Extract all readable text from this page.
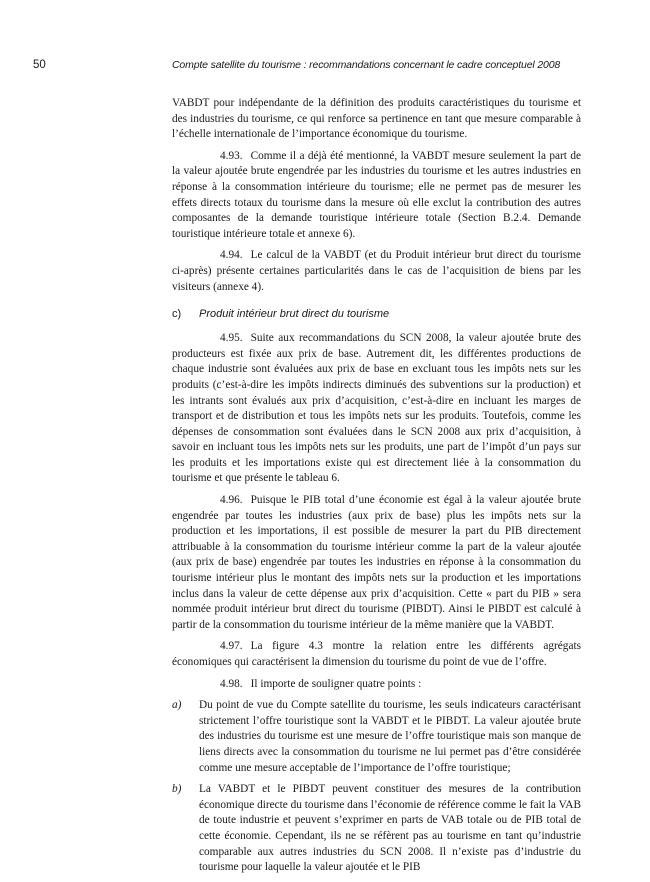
50	Compte satellite du tourisme : recommandations concernant le cadre conceptuel 2008

VABDT pour indépendante de la définition des produits caractéristiques du tourisme et des industries du tourisme, ce qui renforce sa pertinence en tant que mesure comparable à l’échelle internationale de l’importance économique du tourisme.

4.93. Comme il a déjà été mentionné, la VABDT mesure seulement la part de la valeur ajoutée brute engendrée par les industries du tourisme et les autres industries en réponse à la consommation intérieure du tourisme; elle ne permet pas de mesurer les effets directs totaux du tourisme dans la mesure où elle exclut la contribution des autres composantes de la demande touristique intérieure totale (Section B.2.4. Demande touristique intérieure totale et annexe 6).

4.94. Le calcul de la VABDT (et du Produit intérieur brut direct du tourisme ci-après) présente certaines particularités dans le cas de l’acquisition de biens par les visiteurs (annexe 4).

c) Produit intérieur brut direct du tourisme

4.95. Suite aux recommandations du SCN 2008, la valeur ajoutée brute des producteurs est fixée aux prix de base. Autrement dit, les différentes productions de chaque industrie sont évaluées aux prix de base en excluant tous les impôts nets sur les produits (c’est-à-dire les impôts indirects diminués des subventions sur la production) et les intrants sont évalués aux prix d’acquisition, c’est-à-dire en incluant les marges de transport et de distribution et tous les impôts nets sur les produits. Toutefois, comme les dépenses de consommation sont évaluées dans le SCN 2008 aux prix d’acquisition, à savoir en incluant tous les impôts nets sur les produits, une part de l’impôt d’un pays sur les produits et les importations existe qui est directement liée à la consommation du tourisme et que présente le tableau 6.

4.96. Puisque le PIB total d’une économie est égal à la valeur ajoutée brute engendrée par toutes les industries (aux prix de base) plus les impôts nets sur la production et les importations, il est possible de mesurer la part du PIB directement attribuable à la consommation du tourisme intérieur comme la part de la valeur ajoutée (aux prix de base) engendrée par toutes les industries en réponse à la consommation du tourisme intérieur plus le montant des impôts nets sur la production et les importations inclus dans la valeur de cette dépense aux prix d’acquisition. Cette « part du PIB » sera nommée produit intérieur brut direct du tourisme (PIBDT). Ainsi le PIBDT est calculé à partir de la consommation du tourisme intérieur de la même manière que la VABDT.

4.97. La figure 4.3 montre la relation entre les différents agrégats économiques qui caractérisent la dimension du tourisme du point de vue de l’offre.

4.98. Il importe de souligner quatre points :

a) Du point de vue du Compte satellite du tourisme, les seuls indicateurs caractérisant strictement l’offre touristique sont la VABDT et le PIBDT. La valeur ajoutée brute des industries du tourisme est une mesure de l’offre touristique mais son manque de liens directs avec la consommation du tourisme ne lui permet pas d’être considérée comme une mesure acceptable de l’importance de l’offre touristique;
b) La VABDT et le PIBDT peuvent constituer des mesures de la contribution économique directe du tourisme dans l’économie de référence comme le fait la VAB de toute industrie et peuvent s’exprimer en parts de VAB totale ou de PIB total de cette économie. Cependant, ils ne se réfèrent pas au tourisme en tant qu’industrie comparable aux autres industries du SCN 2008. Il n’existe pas d’industrie du tourisme pour laquelle la valeur ajoutée et le PIB
